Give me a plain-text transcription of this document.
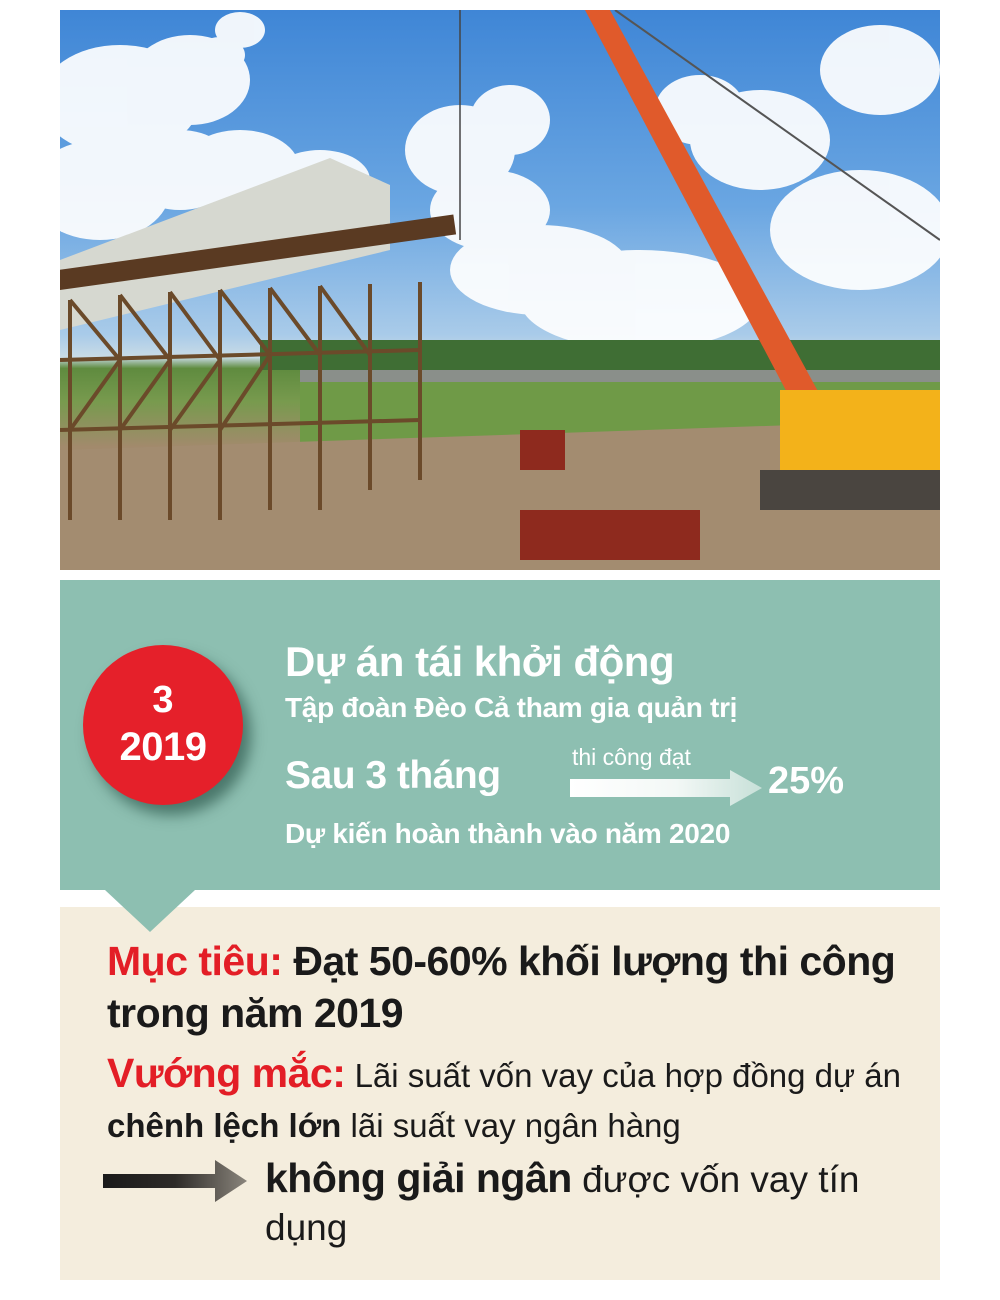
3
2019
Dự án tái khởi động
Tập đoàn Đèo Cả tham gia quản trị
Sau 3 tháng	thi công đạt
25%
Dự kiến hoàn thành vào năm 2020
Mục tiêu: Đạt 50-60% khối lượng thi công trong năm 2019
Vướng mắc: Lãi suất vốn vay của hợp đồng dự án chênh lệch lớn lãi suất vay ngân hàng
không giải ngân được vốn vay tín dụng
